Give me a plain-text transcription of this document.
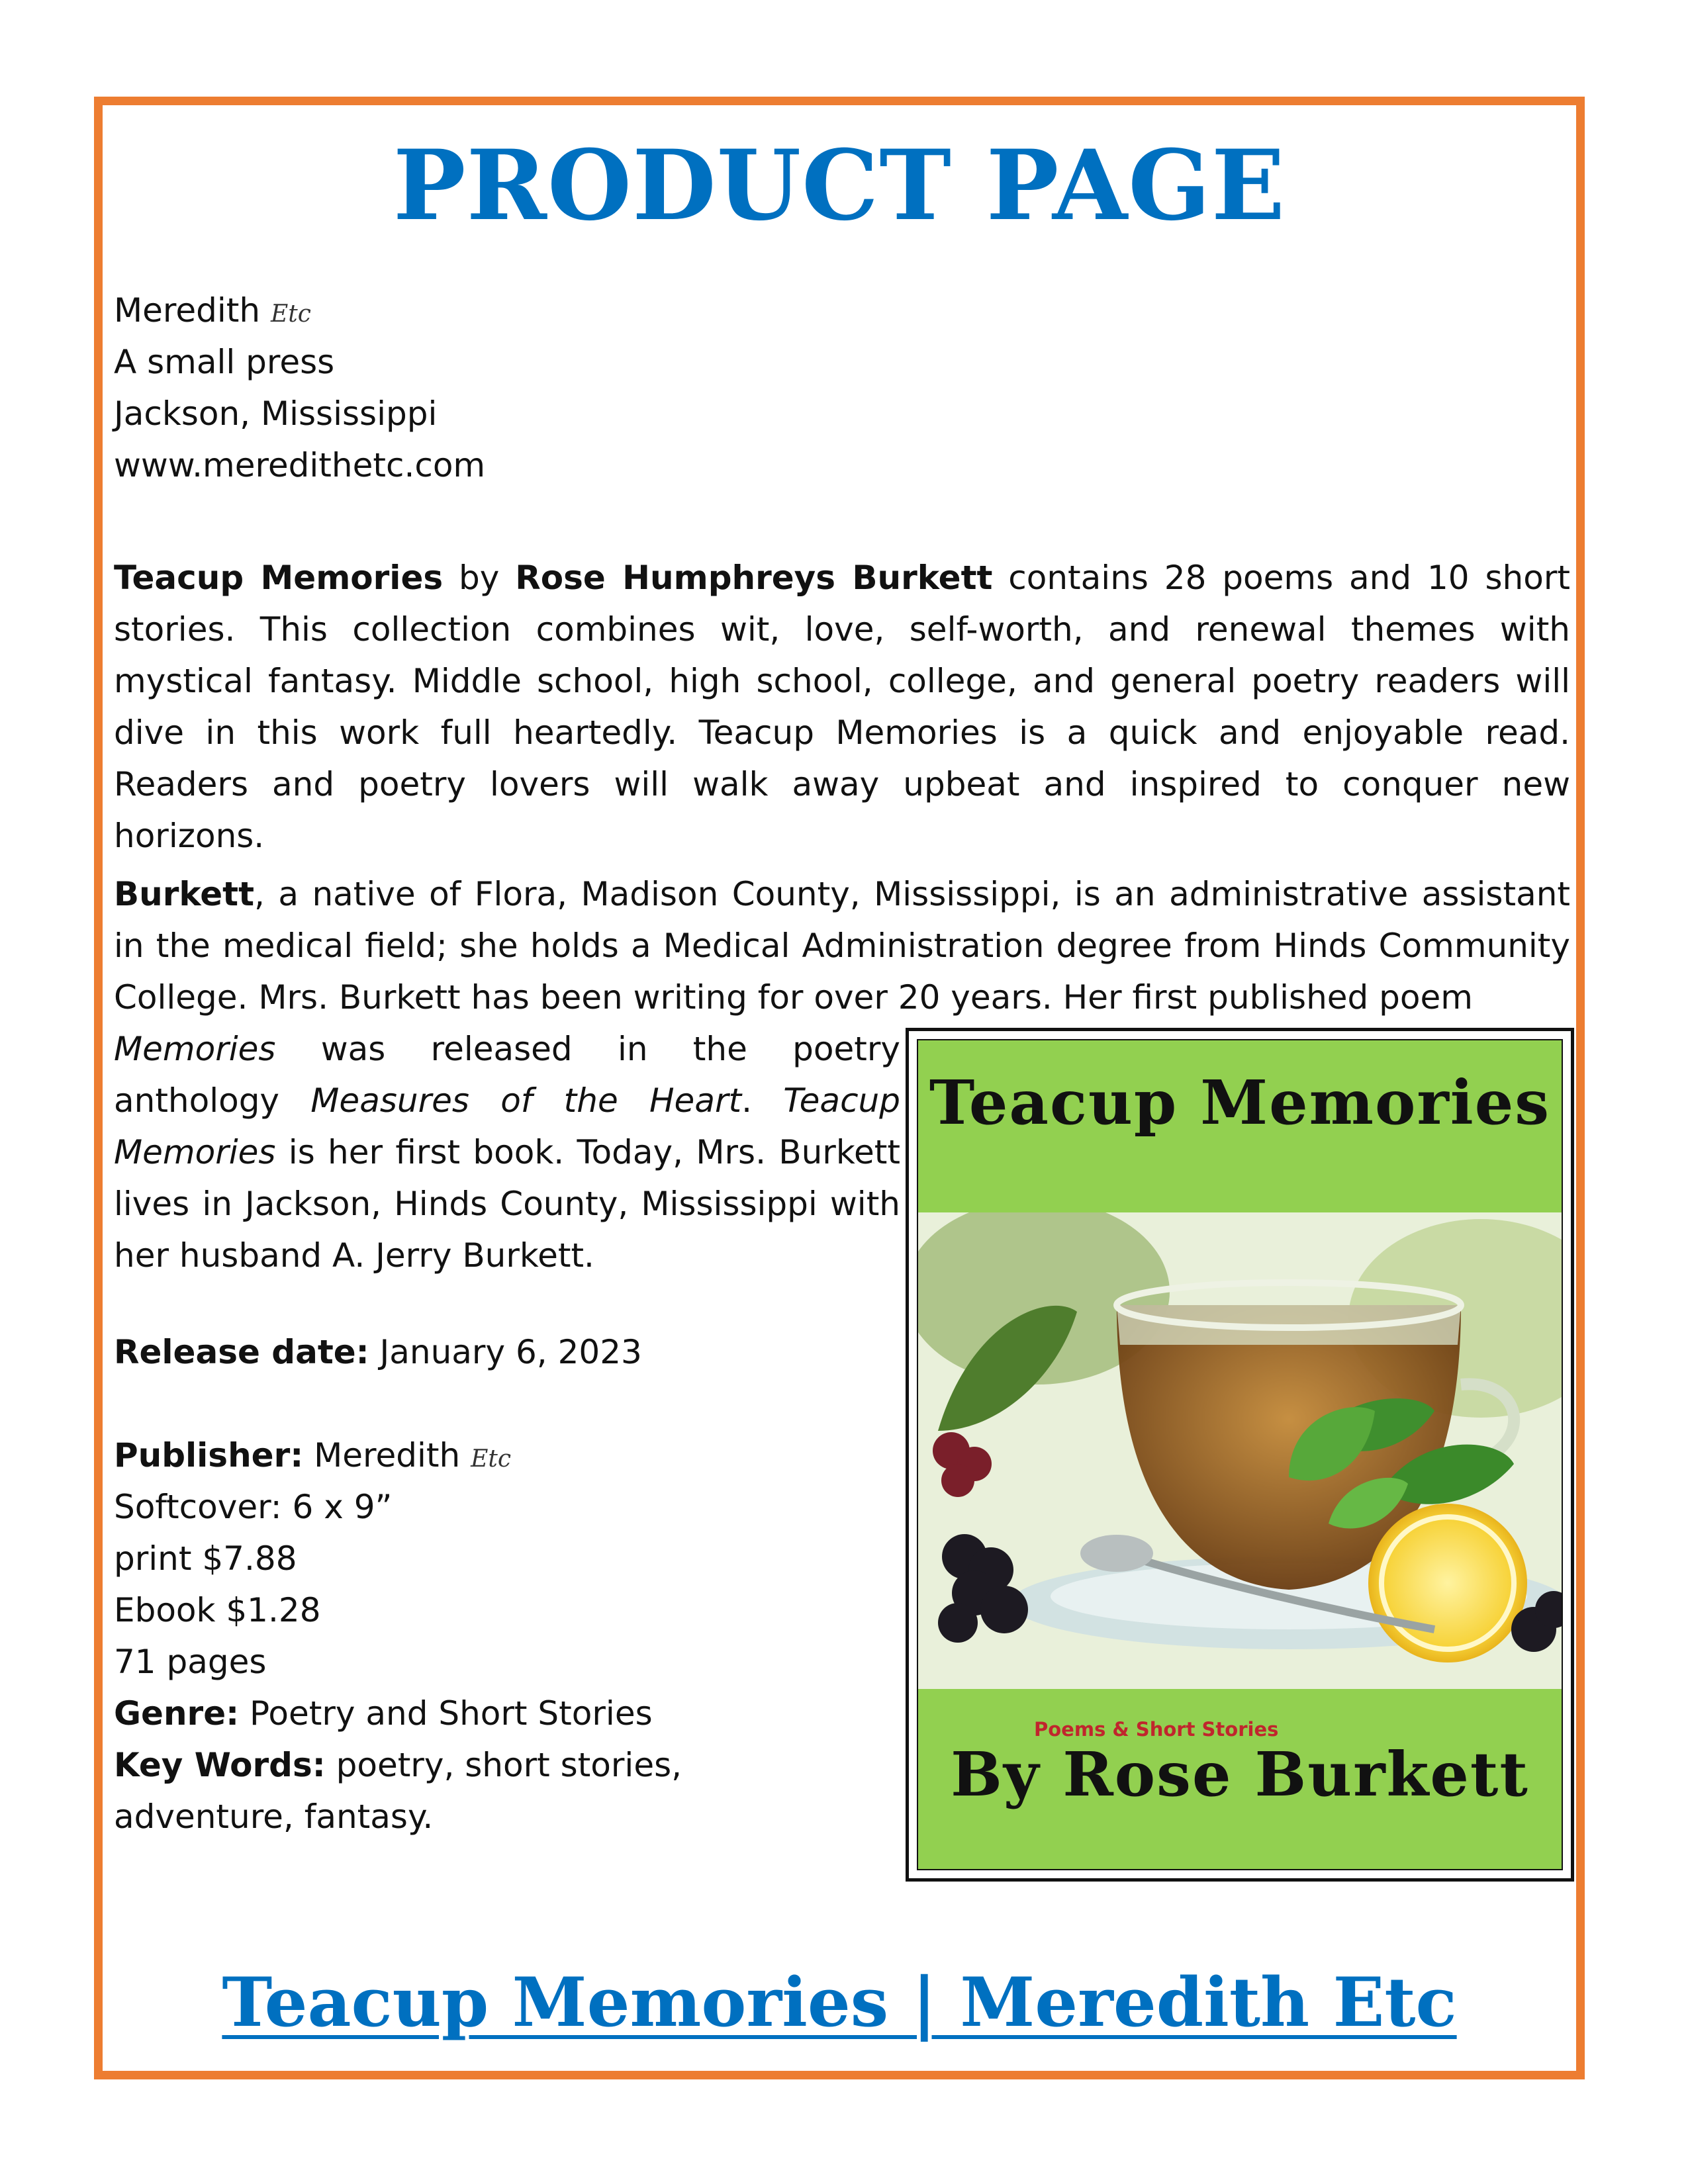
PRODUCT PAGE
Meredith Etc
A small press
Jackson, Mississippi
www.meredithetc.com

Teacup Memories by Rose Humphreys Burkett contains 28 poems and 10 short stories. This collection combines wit, love, self-worth, and renewal themes with mystical fantasy. Middle school, high school, college, and general poetry readers will dive in this work full heartedly. Teacup Memories is a quick and enjoyable read. Readers and poetry lovers will walk away upbeat and inspired to conquer new horizons.

Burkett, a native of Flora, Madison County, Mississippi, is an administrative assistant in the medical field; she holds a Medical Administration degree from Hinds Community College. Mrs. Burkett has been writing for over 20 years. Her first published poem

Memories was released in the poetry anthology Measures of the Heart. Teacup Memories is her first book. Today, Mrs. Burkett lives in Jackson, Hinds County, Mississippi with her husband A. Jerry Burkett.

Release date: January 6, 2023
Publisher: Meredith Etc
Softcover: 6 x 9”
print $7.88
Ebook $1.28
71 pages
Genre: Poetry and Short Stories
Key Words: poetry, short stories,
adventure, fantasy.
Teacup Memories
Poems & Short Stories
By Rose Burkett
Teacup Memories | Meredith Etc
